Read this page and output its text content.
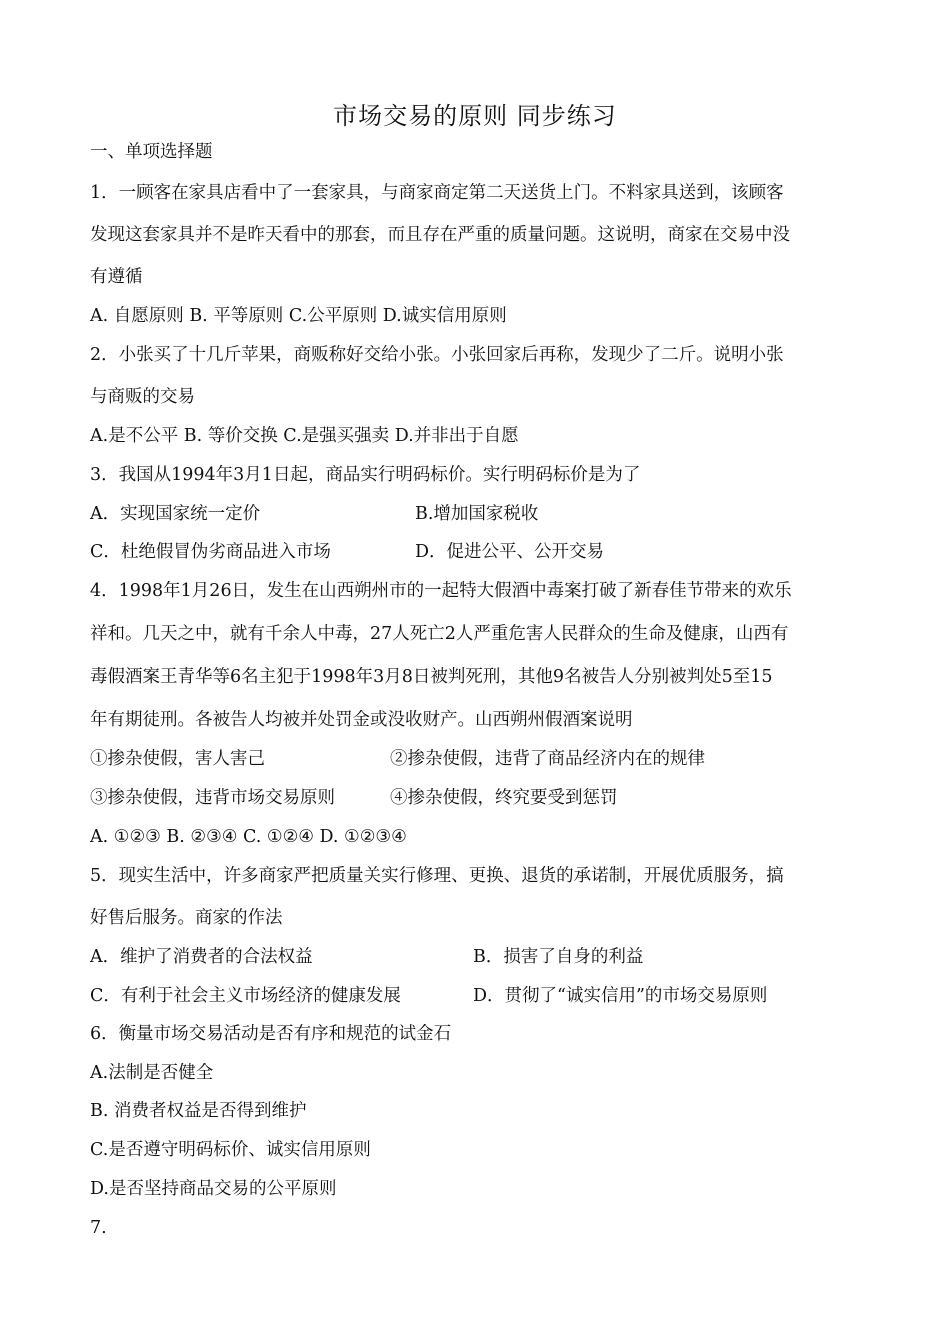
市场交易的原则 同步练习
一、单项选择题
1．一顾客在家具店看中了一套家具，与商家商定第二天送货上门。不料家具送到，该顾客
发现这套家具并不是昨天看中的那套，而且存在严重的质量问题。这说明，商家在交易中没
有遵循
A. 自愿原则 B. 平等原则 C.公平原则 D.诚实信用原则
2．小张买了十几斤苹果，商贩称好交给小张。小张回家后再称，发现少了二斤。说明小张
与商贩的交易
A.是不公平 B. 等价交换 C.是强买强卖 D.并非出于自愿
3．我国从1994年3月1日起，商品实行明码标价。实行明码标价是为了
A．实现国家统一定价	B.增加国家税收
C．杜绝假冒伪劣商品进入市场	D．促进公平、公开交易
4．1998年1月26日，发生在山西朔州市的一起特大假酒中毒案打破了新春佳节带来的欢乐
祥和。几天之中，就有千余人中毒，27人死亡2人严重危害人民群众的生命及健康，山西有
毒假酒案王青华等6名主犯于1998年3月8日被判死刑，其他9名被告人分别被判处5至15
年有期徒刑。各被告人均被并处罚金或没收财产。山西朔州假酒案说明
①掺杂使假，害人害己	②掺杂使假，违背了商品经济内在的规律
③掺杂使假，违背市场交易原则	④掺杂使假，终究要受到惩罚
A. ①②③ B. ②③④ C. ①②④ D. ①②③④
5．现实生活中，许多商家严把质量关实行修理、更换、退货的承诺制，开展优质服务，搞
好售后服务。商家的作法
A．维护了消费者的合法权益	B．损害了自身的利益
C．有利于社会主义市场经济的健康发展	D．贯彻了“诚实信用”的市场交易原则
6．衡量市场交易活动是否有序和规范的试金石
A.法制是否健全
B. 消费者权益是否得到维护
C.是否遵守明码标价、诚实信用原则
D.是否坚持商品交易的公平原则
7.
